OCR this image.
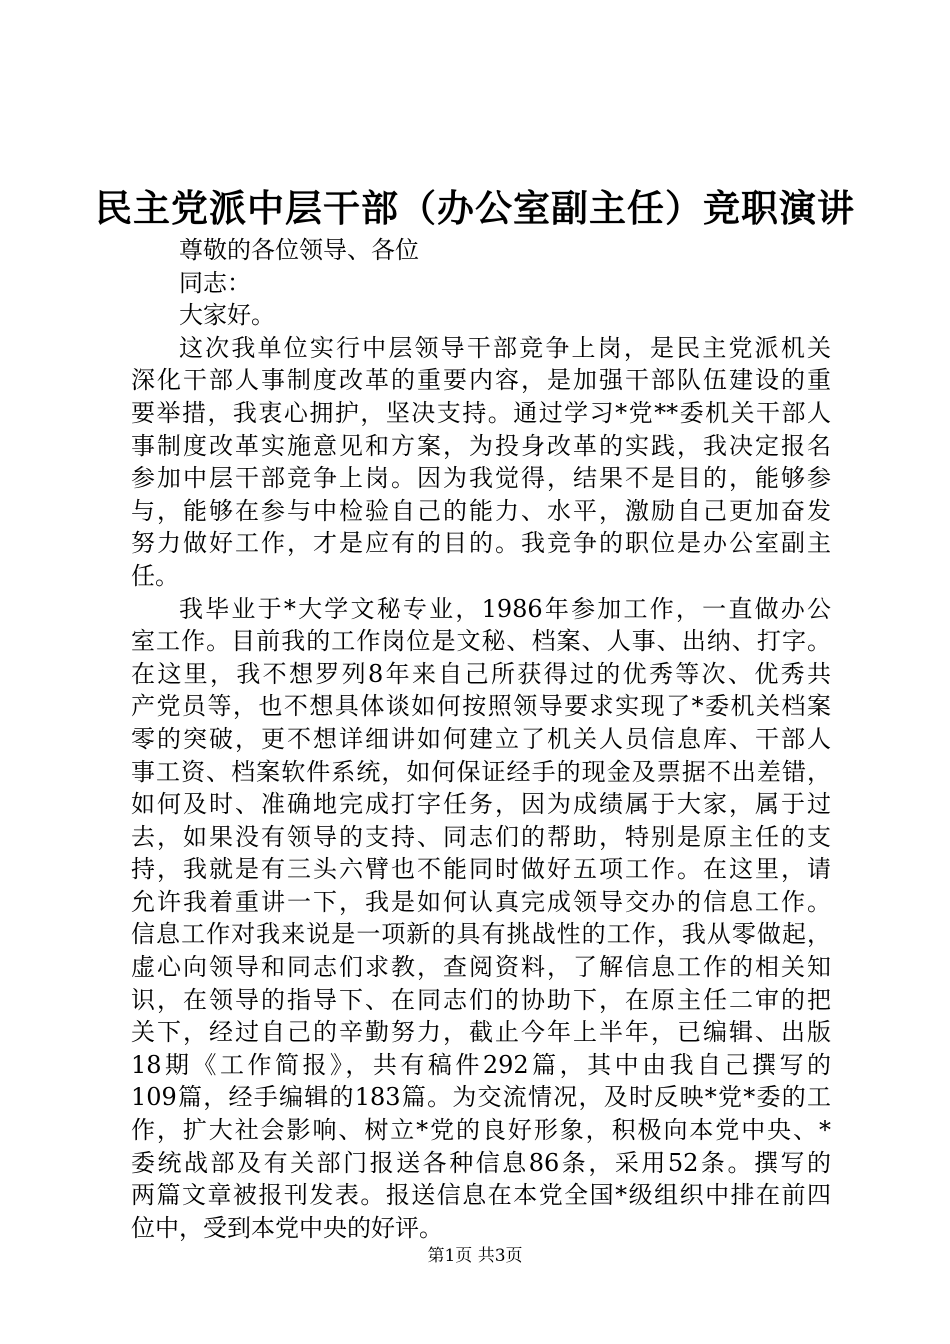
民主党派中层干部（办公室副主任）竞职演讲
尊敬的各位领导、各位
同志：
大家好。
这次我单位实行中层领导干部竞争上岗，是民主党派机关
深化干部人事制度改革的重要内容，是加强干部队伍建设的重
要举措，我衷心拥护，坚决支持。通过学习*党**委机关干部人
事制度改革实施意见和方案，为投身改革的实践，我决定报名
参加中层干部竞争上岗。因为我觉得，结果不是目的，能够参
与，能够在参与中检验自己的能力、水平，激励自己更加奋发
努力做好工作，才是应有的目的。我竞争的职位是办公室副主
任。
我毕业于*大学文秘专业，1986年参加工作，一直做办公
室工作。目前我的工作岗位是文秘、档案、人事、出纳、打字。
在这里，我不想罗列8年来自己所获得过的优秀等次、优秀共
产党员等，也不想具体谈如何按照领导要求实现了*委机关档案
零的突破，更不想详细讲如何建立了机关人员信息库、干部人
事工资、档案软件系统，如何保证经手的现金及票据不出差错，
如何及时、准确地完成打字任务，因为成绩属于大家，属于过
去，如果没有领导的支持、同志们的帮助，特别是原主任的支
持，我就是有三头六臂也不能同时做好五项工作。在这里，请
允许我着重讲一下，我是如何认真完成领导交办的信息工作。
信息工作对我来说是一项新的具有挑战性的工作，我从零做起，
虚心向领导和同志们求教，查阅资料，了解信息工作的相关知
识，在领导的指导下、在同志们的协助下，在原主任二审的把
关下，经过自己的辛勤努力，截止今年上半年，已编辑、出版
18期《工作简报》，共有稿件292篇，其中由我自己撰写的
109篇，经手编辑的183篇。为交流情况，及时反映*党*委的工
作，扩大社会影响、树立*党的良好形象，积极向本党中央、*
委统战部及有关部门报送各种信息86条，采用52条。撰写的
两篇文章被报刊发表。报送信息在本党全国*级组织中排在前四
位中，受到本党中央的好评。
第1页 共3页
